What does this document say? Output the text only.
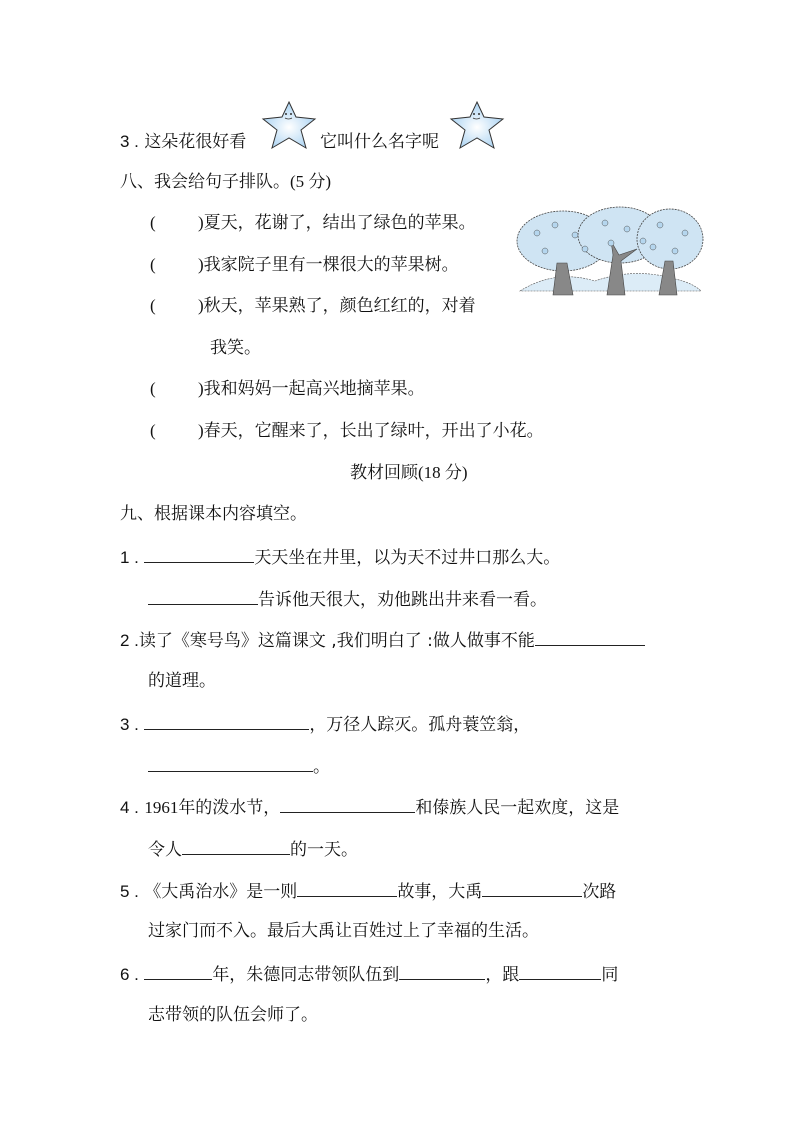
3 . 这朵花很好看	它叫什么名字呢
八、我会给句子排队。(5 分)
( )夏天，花谢了，结出了绿色的苹果。
( )我家院子里有一棵很大的苹果树。
( )秋天，苹果熟了，颜色红红的，对着
我笑。
( )我和妈妈一起高兴地摘苹果。
( )春天，它醒来了，长出了绿叶，开出了小花。
教材回顾(18 分)
九、根据课本内容填空。
1 .	天天坐在井里，以为天不过井口那么大。
告诉他天很大，劝他跳出井来看一看。
2 .读了《寒号鸟》这篇课文 ,我们明白了 :做人做事不能
的道理。
3 .	，万径人踪灭。孤舟蓑笠翁，
。
4 . 1961年的泼水节，	和傣族人民一起欢度，这是
令人	的一天。
5 . 《大禹治水》是一则	故事，大禹	次路
过家门而不入。最后大禹让百姓过上了幸福的生活。
6 .	年，朱德同志带领队伍到	，跟	同
志带领的队伍会师了。
